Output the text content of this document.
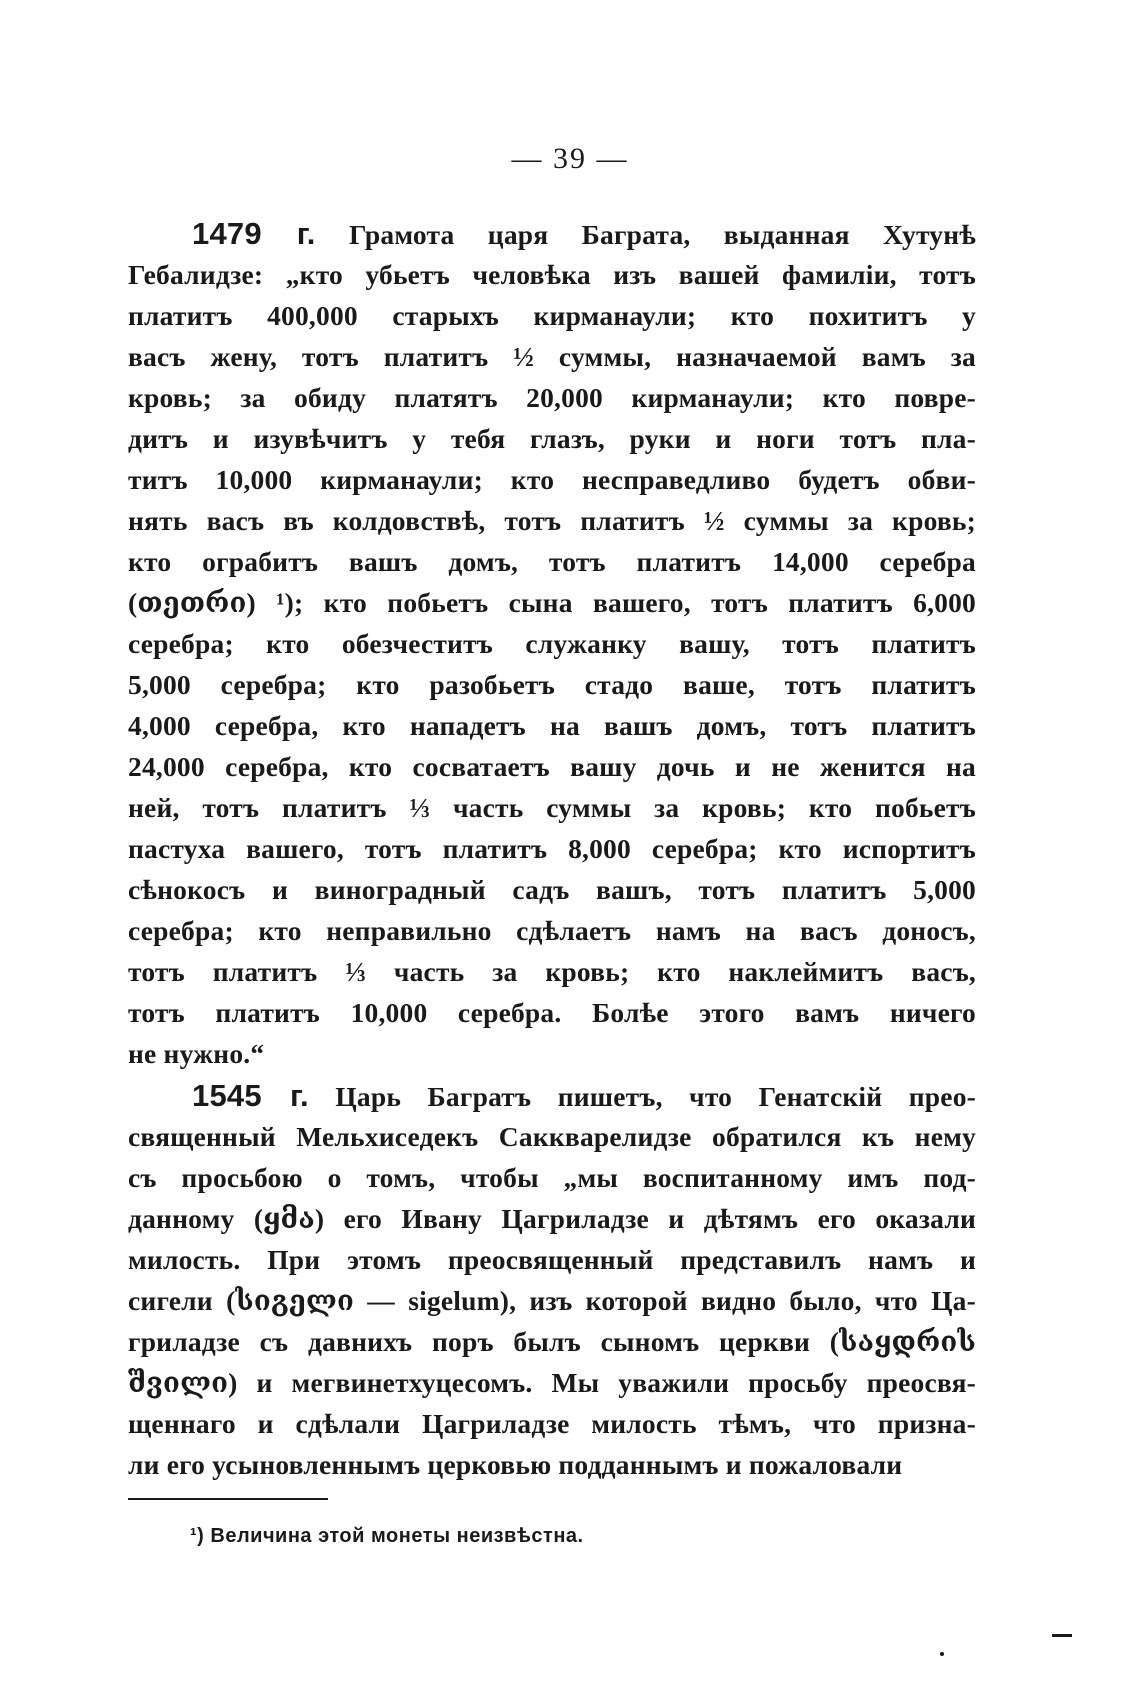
— 39 —
1479 г. Грамота царя Баграта, выданная Хутунѣ
Гебалидзе: „кто убьетъ человѣка изъ вашей фамиліи, тотъ
платитъ 400,000 старыхъ кирманаули; кто похититъ у
васъ жену, тотъ платитъ ½ суммы, назначаемой вамъ за
кровь; за обиду платятъ 20,000 кирманаули; кто повре-
дитъ и изувѣчитъ у тебя глазъ, руки и ноги тотъ пла-
титъ 10,000 кирманаули; кто несправедливо будетъ обви-
нять васъ въ колдовствѣ, тотъ платитъ ½ суммы за кровь;
кто ограбитъ вашъ домъ, тотъ платитъ 14,000 серебра
(თეთრი) ¹); кто побьетъ сына вашего, тотъ платитъ 6,000
серебра; кто обезчеститъ служанку вашу, тотъ платитъ
5,000 серебра; кто разобьетъ стадо ваше, тотъ платитъ
4,000 серебра, кто нападетъ на вашъ домъ, тотъ платитъ
24,000 серебра, кто сосватаетъ вашу дочь и не женится на
ней, тотъ платитъ ⅓ часть суммы за кровь; кто побьетъ
пастуха вашего, тотъ платитъ 8,000 серебра; кто испортитъ
сѣнокосъ и виноградный садъ вашъ, тотъ платитъ 5,000
серебра; кто неправильно сдѣлаетъ намъ на васъ доносъ,
тотъ платитъ ⅓ часть за кровь; кто наклеймитъ васъ,
тотъ платитъ 10,000 серебра. Болѣе этого вамъ ничего
не нужно.“
1545 г. Царь Багратъ пишетъ, что Генатскій прео-
священный Мельхиседекъ Саккварелидзе обратился къ нему
съ просьбою о томъ, чтобы „мы воспитанному имъ под-
данному (ყმა) его Ивану Цагриладзе и дѣтямъ его оказали
милость. При этомъ преосвященный представилъ намъ и
сигели (სიგელი — sigelum), изъ которой видно было, что Ца-
гриладзе съ давнихъ поръ былъ сыномъ церкви (საყდრის
შვილი) и мегвинетхуцесомъ. Мы уважили просьбу преосвя-
щеннаго и сдѣлали Цагриладзе милость тѣмъ, что призна-
ли его усыновленнымъ церковью подданнымъ и пожаловали
¹) Величина этой монеты неизвѣстна.
